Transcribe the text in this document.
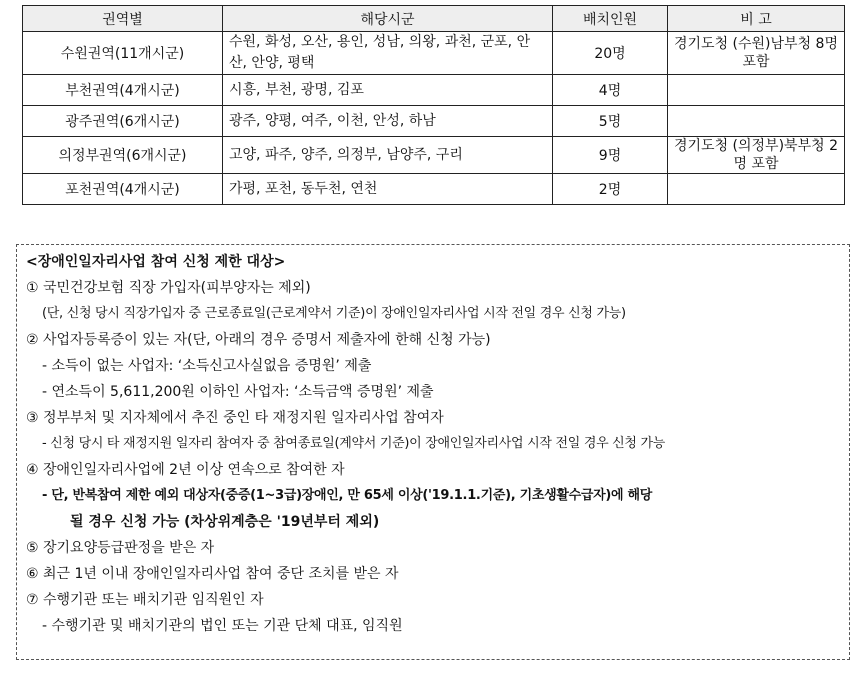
권역별	해당시군	배치인원	비 고
수원권역(11개시군)	수원, 화성, 오산, 용인, 성남, 의왕, 과천, 군포, 안산, 안양, 평택	20명	경기도청 (수원)남부청 8명 포함
부천권역(4개시군)	시흥, 부천, 광명, 김포	4명	
광주권역(6개시군)	광주, 양평, 여주, 이천, 안성, 하남	5명	
의정부권역(6개시군)	고양, 파주, 양주, 의정부, 남양주, 구리	9명	경기도청 (의정부)북부청 2명 포함
포천권역(4개시군)	가평, 포천, 동두천, 연천	2명	
<장애인일자리사업 참여 신청 제한 대상>
① 국민건강보험 직장 가입자(피부양자는 제외)
(단, 신청 당시 직장가입자 중 근로종료일(근로계약서 기준)이 장애인일자리사업 시작 전일 경우 신청 가능)
② 사업자등록증이 있는 자(단, 아래의 경우 증명서 제출자에 한해 신청 가능)
- 소득이 없는 사업자: ‘소득신고사실없음 증명원’ 제출
- 연소득이 5,611,200원 이하인 사업자: ‘소득금액 증명원’ 제출
③ 정부부처 및 지자체에서 추진 중인 타 재정지원 일자리사업 참여자
- 신청 당시 타 재정지원 일자리 참여자 중 참여종료일(계약서 기준)이 장애인일자리사업 시작 전일 경우 신청 가능
④ 장애인일자리사업에 2년 이상 연속으로 참여한 자
- 단, 반복참여 제한 예외 대상자(중증(1~3급)장애인, 만 65세 이상('19.1.1.기준), 기초생활수급자)에 해당
될 경우 신청 가능 (차상위계층은 '19년부터 제외)
⑤ 장기요양등급판정을 받은 자
⑥ 최근 1년 이내 장애인일자리사업 참여 중단 조치를 받은 자
⑦ 수행기관 또는 배치기관 임직원인 자
- 수행기관 및 배치기관의 법인 또는 기관 단체 대표, 임직원
